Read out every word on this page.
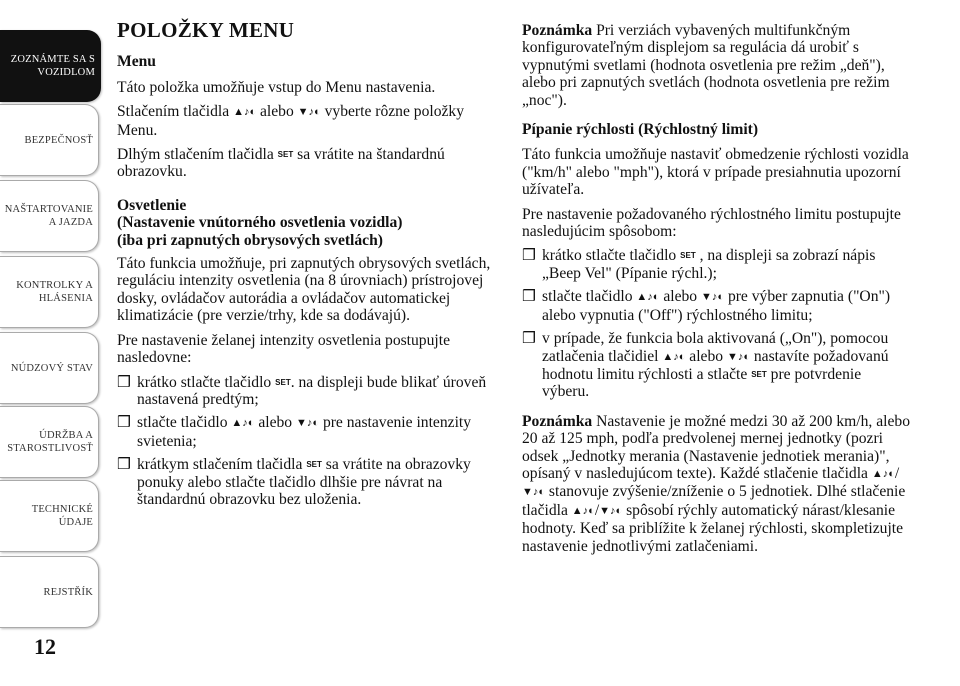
ZOZNÁMTE SA S
VOZIDLOM
BEZPEČNOSŤ
NAŠTARTOVANIE
A JAZDA
KONTROLKY A
HLÁSENIA
NÚDZOVÝ STAV
ÚDRŽBA A
STAROSTLIVOSŤ
TECHNICKÉ
ÚDAJE
REJSTŘÍK
12
POLOŽKY MENU
Menu

Táto položka umožňuje vstup do Menu nastavenia.

Stlačením tlačidla ▲♪◐ alebo ▼♪◐ vyberte rôzne položky Menu.

Dlhým stlačením tlačidla SET sa vrátite na štandardnú obrazovku.

Osvetlenie
(Nastavenie vnútorného osvetlenia vozidla)
(iba pri zapnutých obrysových svetlách)

Táto funkcia umožňuje, pri zapnutých obrysových svetlách, reguláciu intenzity osvetlenia (na 8 úrovniach) prístrojovej dosky, ovládačov autorádia a ovládačov automatickej klimatizácie (pre verzie/trhy, kde sa dodávajú).

Pre nastavenie želanej intenzity osvetlenia postupujte nasledovne:

❒ krátko stlačte tlačidlo SET. na displeji bude blikať úroveň nastavená predtým;
❒ stlačte tlačidlo ▲♪◐ alebo ▼♪◐ pre nastavenie intenzity svietenia;
❒ krátkym stlačením tlačidla SET sa vrátite na obrazovky ponuky alebo stlačte tlačidlo dlhšie pre návrat na štandardnú obrazovku bez uloženia.

Poznámka Pri verziách vybavených multifunkčným konfigurovateľným displejom sa regulácia dá urobiť s vypnutými svetlami (hodnota osvetlenia pre režim „deň"), alebo pri zapnutých svetlách (hodnota osvetlenia pre režim „noc").

Pípanie rýchlosti (Rýchlostný limit)

Táto funkcia umožňuje nastaviť obmedzenie rýchlosti vozidla ("km/h" alebo "mph"), ktorá v prípade presiahnutia upozorní užívateľa.

Pre nastavenie požadovaného rýchlostného limitu postupujte nasledujúcim spôsobom:

❒ krátko stlačte tlačidlo SET , na displeji sa zobrazí nápis „Beep Vel" (Pípanie rýchl.);
❒ stlačte tlačidlo ▲♪◐ alebo ▼♪◐ pre výber zapnutia ("On") alebo vypnutia ("Off") rýchlostného limitu;
❒ v prípade, že funkcia bola aktivovaná („On"), pomocou zatlačenia tlačidiel ▲♪◐ alebo ▼♪◐ nastavíte požadovanú hodnotu limitu rýchlosti a stlačte SET pre potvrdenie výberu.

Poznámka Nastavenie je možné medzi 30 až 200 km/h, alebo 20 až 125 mph, podľa predvolenej mernej jednotky (pozri odsek „Jednotky merania (Nastavenie jednotiek merania)", opísaný v nasledujúcom texte). Každé stlačenie tlačidla ▲♪◐/▼♪◐ stanovuje zvýšenie/zníženie o 5 jednotiek. Dlhé stlačenie tlačidla ▲♪◐/▼♪◐ spôsobí rýchly automatický nárast/klesanie hodnoty. Keď sa priblížite k želanej rýchlosti, skompletizujte nastavenie jednotlivými zatlačeniami.
